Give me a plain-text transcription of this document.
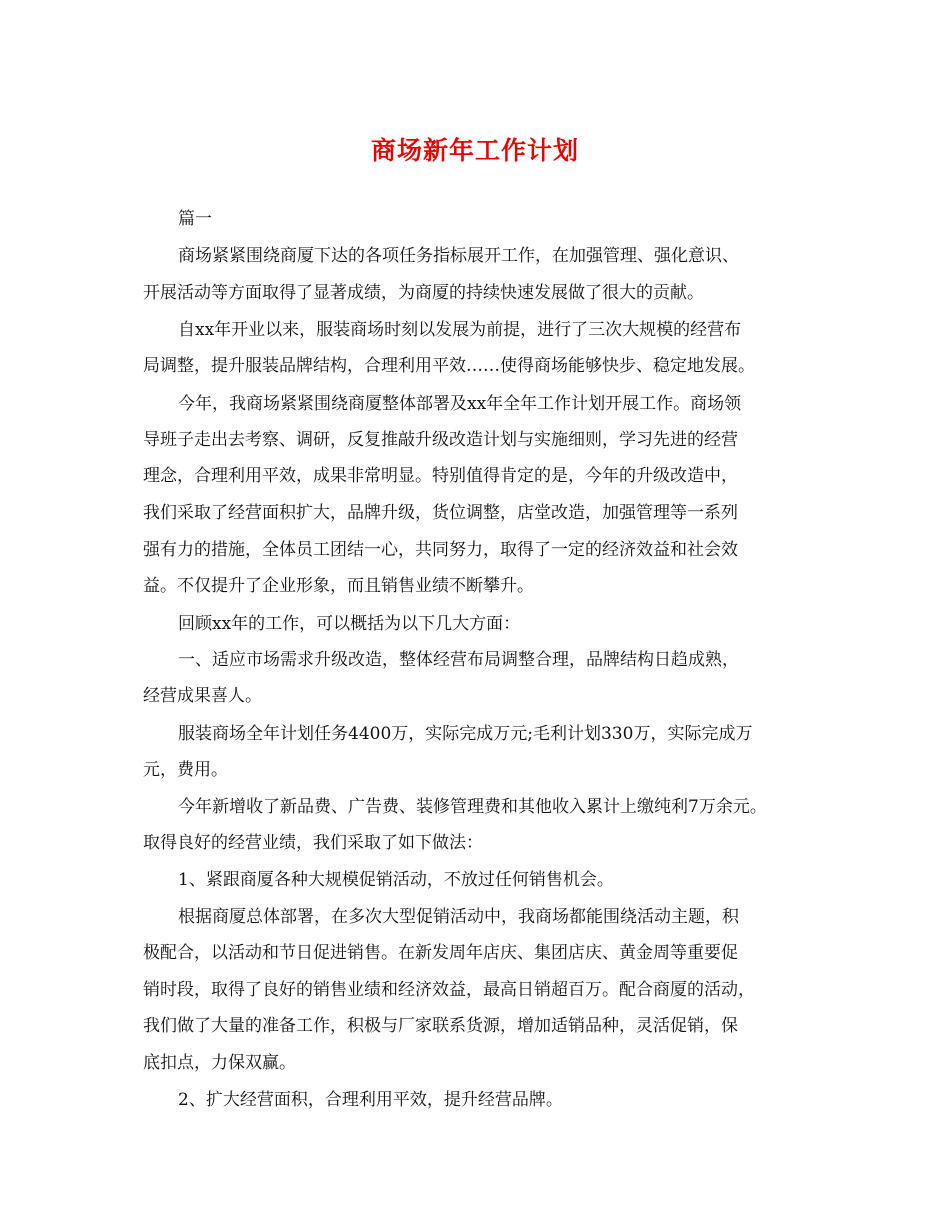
商场新年工作计划
篇一
商场紧紧围绕商厦下达的各项任务指标展开工作，在加强管理、强化意识、
开展活动等方面取得了显著成绩，为商厦的持续快速发展做了很大的贡献。
自xx年开业以来，服装商场时刻以发展为前提，进行了三次大规模的经营布
局调整，提升服装品牌结构，合理利用平效……使得商场能够快步、稳定地发展。
今年，我商场紧紧围绕商厦整体部署及xx年全年工作计划开展工作。商场领
导班子走出去考察、调研，反复推敲升级改造计划与实施细则，学习先进的经营
理念，合理利用平效，成果非常明显。特别值得肯定的是，今年的升级改造中，
我们采取了经营面积扩大，品牌升级，货位调整，店堂改造，加强管理等一系列
强有力的措施，全体员工团结一心，共同努力，取得了一定的经济效益和社会效
益。不仅提升了企业形象，而且销售业绩不断攀升。
回顾xx年的工作，可以概括为以下几大方面：
一、适应市场需求升级改造，整体经营布局调整合理，品牌结构日趋成熟，
经营成果喜人。
服装商场全年计划任务4400万，实际完成万元;毛利计划330万，实际完成万
元，费用。
今年新增收了新品费、广告费、装修管理费和其他收入累计上缴纯利7万余元。
取得良好的经营业绩，我们采取了如下做法：
1、紧跟商厦各种大规模促销活动，不放过任何销售机会。
根据商厦总体部署，在多次大型促销活动中，我商场都能围绕活动主题，积
极配合，以活动和节日促进销售。在新发周年店庆、集团店庆、黄金周等重要促
销时段，取得了良好的销售业绩和经济效益，最高日销超百万。配合商厦的活动，
我们做了大量的准备工作，积极与厂家联系货源，增加适销品种，灵活促销，保
底扣点，力保双赢。
2、扩大经营面积，合理利用平效，提升经营品牌。
